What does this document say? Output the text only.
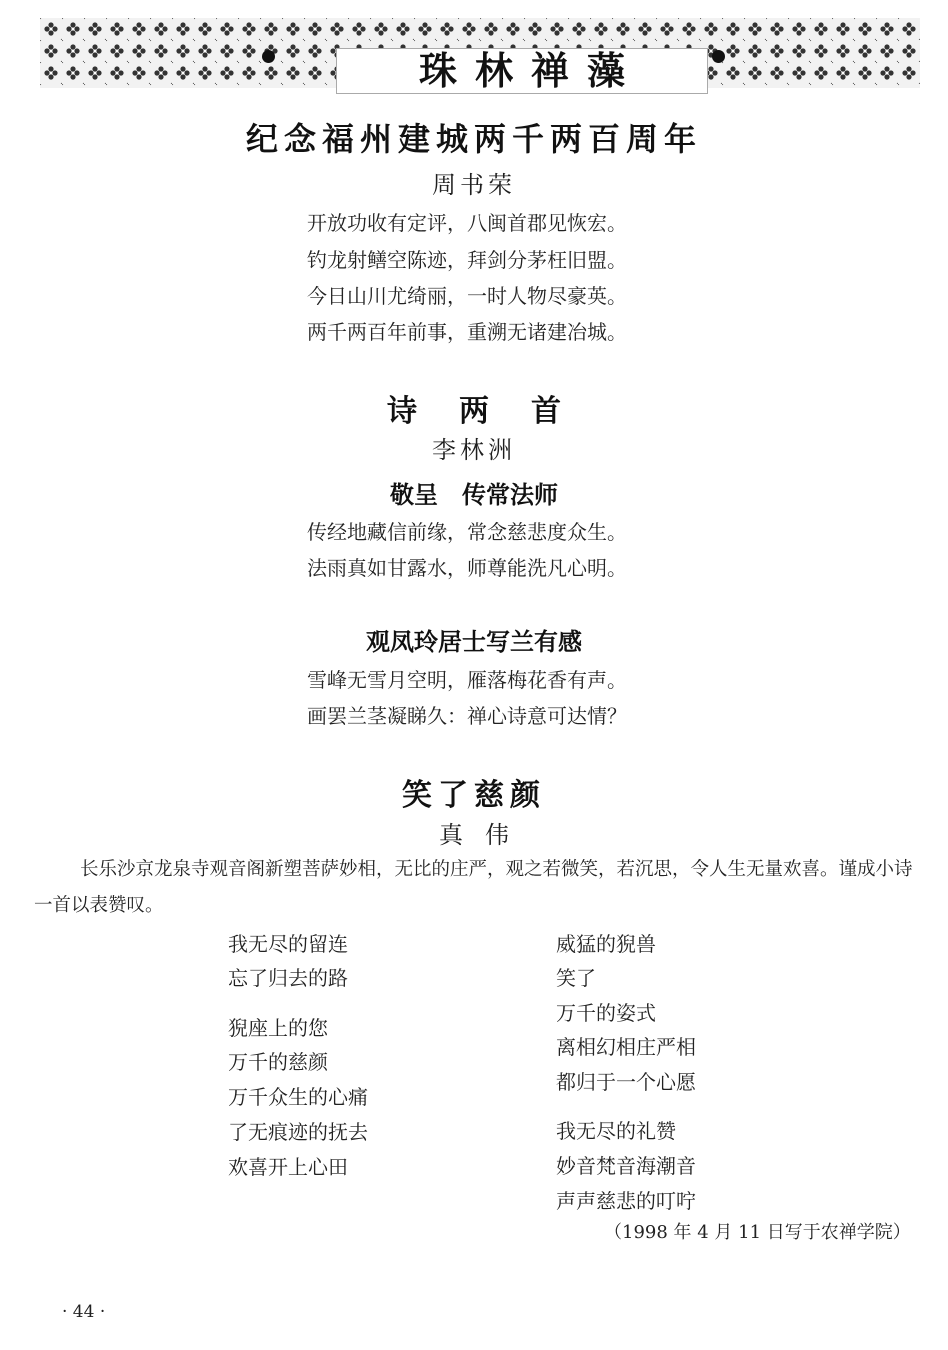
珠林禅藻
纪念福州建城两千两百周年
周书荣
开放功收有定评，八闽首郡见恢宏。
钓龙射鳝空陈迹，拜剑分茅枉旧盟。
今日山川尤绮丽，一时人物尽豪英。
两千两百年前事，重溯无诸建冶城。
诗两首
李林洲
敬呈　传常法师
传经地藏信前缘，常念慈悲度众生。
法雨真如甘露水，师尊能洗凡心明。
观凤玲居士写兰有感
雪峰无雪月空明，雁落梅花香有声。
画罢兰茎凝睇久：禅心诗意可达情？
笑了慈颜
真伟
长乐沙京龙泉寺观音阁新塑菩萨妙相，无比的庄严，观之若微笑，若沉思，令人生无量欢喜。谨成小诗一首以表赞叹。
我无尽的留连
忘了归去的路
猊座上的您
万千的慈颜
万千众生的心痛
了无痕迹的抚去
欢喜开上心田
威猛的猊兽
笑了
万千的姿式
离相幻相庄严相
都归于一个心愿
我无尽的礼赞
妙音梵音海潮音
声声慈悲的叮咛
（1998 年 4 月 11 日写于农禅学院）
· 44 ·
